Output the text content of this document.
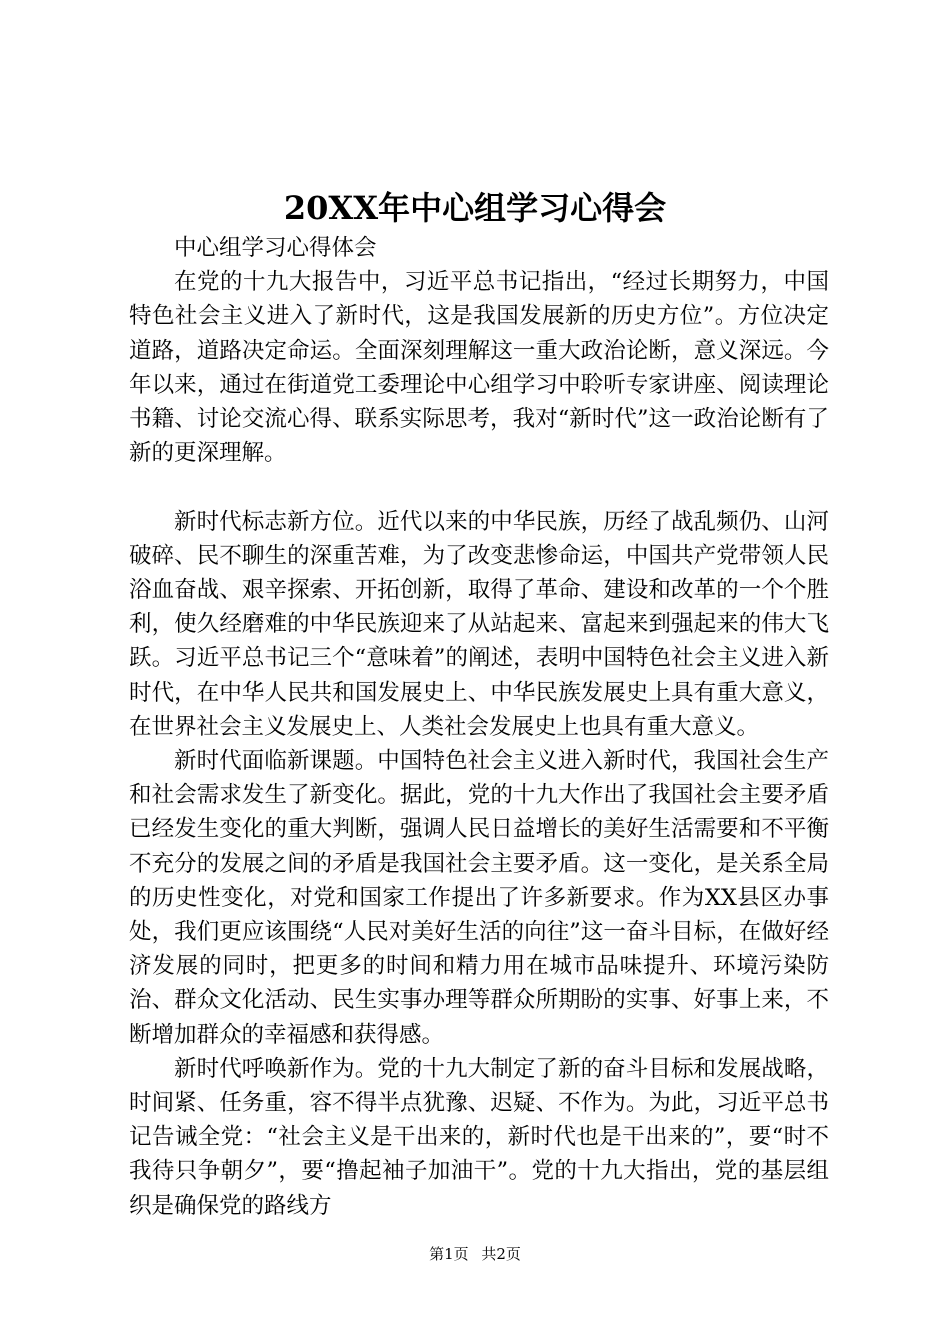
20XX年中心组学习心得会

中心组学习心得体会

在党的十九大报告中，习近平总书记指出，“经过长期努力，中国特色社会主义进入了新时代，这是我国发展新的历史方位”。方位决定道路，道路决定命运。全面深刻理解这一重大政治论断，意义深远。今年以来，通过在街道党工委理论中心组学习中聆听专家讲座、阅读理论书籍、讨论交流心得、联系实际思考，我对“新时代”这一政治论断有了新的更深理解。

新时代标志新方位。近代以来的中华民族，历经了战乱频仍、山河破碎、民不聊生的深重苦难，为了改变悲惨命运，中国共产党带领人民浴血奋战、艰辛探索、开拓创新，取得了革命、建设和改革的一个个胜利，使久经磨难的中华民族迎来了从站起来、富起来到强起来的伟大飞跃。习近平总书记三个“意味着”的阐述，表明中国特色社会主义进入新时代，在中华人民共和国发展史上、中华民族发展史上具有重大意义，在世界社会主义发展史上、人类社会发展史上也具有重大意义。

新时代面临新课题。中国特色社会主义进入新时代，我国社会生产和社会需求发生了新变化。据此，党的十九大作出了我国社会主要矛盾已经发生变化的重大判断，强调人民日益增长的美好生活需要和不平衡不充分的发展之间的矛盾是我国社会主要矛盾。这一变化，是关系全局的历史性变化，对党和国家工作提出了许多新要求。作为XX县区办事处，我们更应该围绕“人民对美好生活的向往”这一奋斗目标，在做好经济发展的同时，把更多的时间和精力用在城市品味提升、环境污染防治、群众文化活动、民生实事办理等群众所期盼的实事、好事上来，不断增加群众的幸福感和获得感。

新时代呼唤新作为。党的十九大制定了新的奋斗目标和发展战略，时间紧、任务重，容不得半点犹豫、迟疑、不作为。为此，习近平总书记告诫全党：“社会主义是干出来的，新时代也是干出来的”，要“时不我待只争朝夕”，要“撸起袖子加油干”。党的十九大指出，党的基层组织是确保党的路线方

第1页 共2页
